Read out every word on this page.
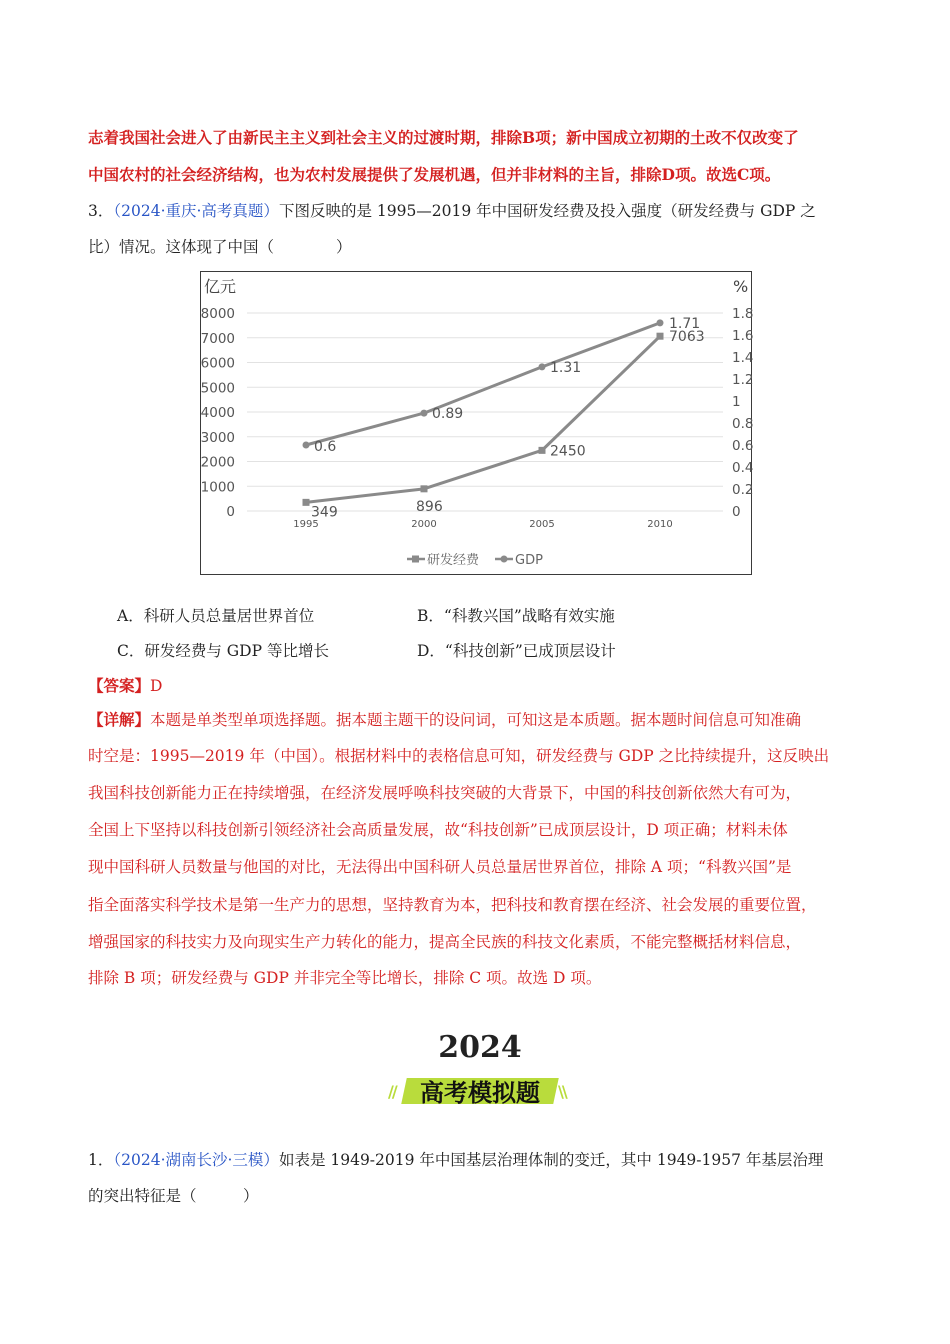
志着我国社会进入了由新民主主义到社会主义的过渡时期，排除B项；新中国成立初期的土改不仅改变了
中国农村的社会经济结构，也为农村发展提供了发展机遇，但并非材料的主旨，排除D项。故选C项。
3．（2024·重庆·高考真题）下图反映的是 1995—2019 年中国研发经费及投入强度（研发经费与 GDP 之
比）情况。这体现了中国（　　　　）
亿元	%
8000
7000
6000
5000
4000
3000
2000
1000
0
1.8
1.6
1.4
1.2
1
0.8
0.6
0.4
0.2
0
1995	2000	2005	2010
349	896
2450
7063
0.6
0.89
1.31
1.71
研发经费	GDP
A．科研人员总量居世界首位	B．“科教兴国”战略有效实施
C．研发经费与 GDP 等比增长	D．“科技创新”已成顶层设计
【答案】D
【详解】本题是单类型单项选择题。据本题主题干的设问词，可知这是本质题。据本题时间信息可知准确
时空是：1995—2019 年（中国）。根据材料中的表格信息可知，研发经费与 GDP 之比持续提升，这反映出
我国科技创新能力正在持续增强，在经济发展呼唤科技突破的大背景下，中国的科技创新依然大有可为，
全国上下坚持以科技创新引领经济社会高质量发展，故“科技创新”已成顶层设计，D 项正确；材料未体
现中国科研人员数量与他国的对比，无法得出中国科研人员总量居世界首位，排除 A 项；“科教兴国”是
指全面落实科学技术是第一生产力的思想，坚持教育为本，把科技和教育摆在经济、社会发展的重要位置，
增强国家的科技实力及向现实生产力转化的能力，提高全民族的科技文化素质，不能完整概括材料信息，
排除 B 项；研发经费与 GDP 并非完全等比增长，排除 C 项。故选 D 项。
2024
//	高考模拟题	\\
1．（2024·湖南长沙·三模）如表是 1949-2019 年中国基层治理体制的变迁，其中 1949-1957 年基层治理
的突出特征是（　　　）
